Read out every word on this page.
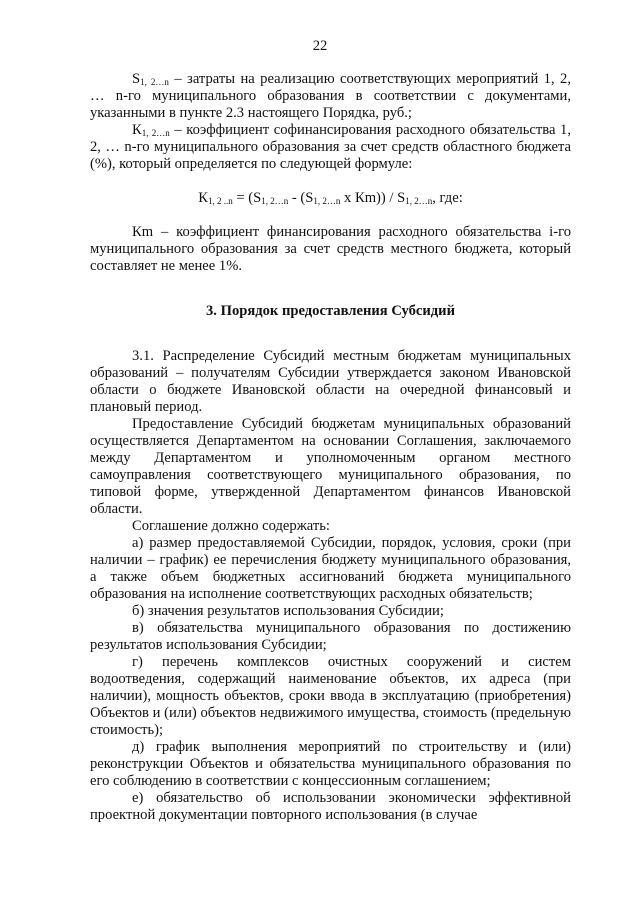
22

$S_{1, 2\dots n}$ – затраты на реализацию соответствующих мероприятий 1, 2, … n-го муниципального образования в соответствии с документами, указанными в пункте 2.3 настоящего Порядка, руб.;

$К_{1, 2\dots n}$ – коэффициент софинансирования расходного обязательства 1, 2, … n-го муниципального образования за счет средств областного бюджета (%), который определяется по следующей формуле:

$К_{1, 2 ..n} = (S_{1, 2\dots n} - (S_{1, 2\dots n}$ х $Кm)) / S_{1, 2\dots n}$, где:

Кm – коэффициент финансирования расходного обязательства i-го муниципального образования за счет средств местного бюджета, который составляет не менее 1%.

3. Порядок предоставления Субсидий

3.1. Распределение Субсидий местным бюджетам муниципальных образований – получателям Субсидии утверждается законом Ивановской области о бюджете Ивановской области на очередной финансовый и плановый период.

Предоставление Субсидий бюджетам муниципальных образований осуществляется Департаментом на основании Соглашения, заключаемого между Департаментом и уполномоченным органом местного самоуправления соответствующего муниципального образования, по типовой форме, утвержденной Департаментом финансов Ивановской области.

Соглашение должно содержать:

а) размер предоставляемой Субсидии, порядок, условия, сроки (при наличии – график) ее перечисления бюджету муниципального образования, а также объем бюджетных ассигнований бюджета муниципального образования на исполнение соответствующих расходных обязательств;

б) значения результатов использования Субсидии;

в) обязательства муниципального образования по достижению результатов использования Субсидии;

г) перечень комплексов очистных сооружений и систем водоотведения, содержащий наименование объектов, их адреса (при наличии), мощность объектов, сроки ввода в эксплуатацию (приобретения) Объектов и (или) объектов недвижимого имущества, стоимость (предельную стоимость);

д) график выполнения мероприятий по строительству и (или) реконструкции Объектов и обязательства муниципального образования по его соблюдению в соответствии с концессионным соглашением;

е) обязательство об использовании экономически эффективной проектной документации повторного использования (в случае
